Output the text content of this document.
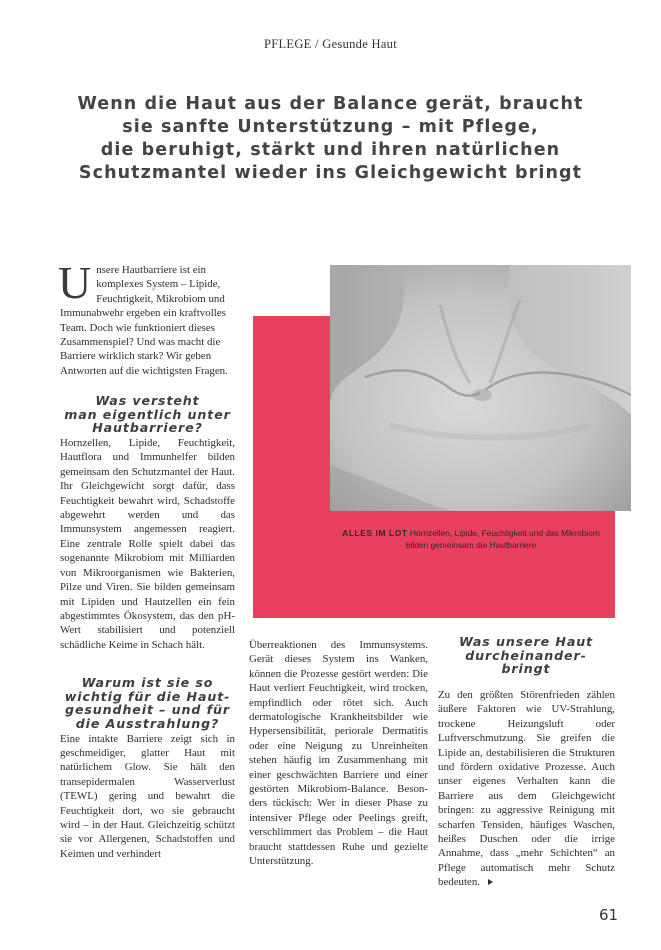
PFLEGE / Gesunde Haut
Wenn die Haut aus der Balance gerät, braucht
sie sanfte Unterstützung – mit Pflege,
die beruhigt, stärkt und ihren natürlichen
Schutzmantel wieder ins Gleichgewicht bringt
U nsere Hautbarriere ist ein komplexes System – Lipide, Feuchtigkeit, Mikrobiom und Immunabwehr ergeben ein kraftvolles Team. Doch wie funktioniert dieses Zusammenspiel? Und was macht die Barriere wirklich stark? Wir geben Antworten auf die wichtigsten Fragen.

Was versteht
man eigentlich unter
Hautbarriere?

Hornzellen, Lipide, Feuchtigkeit, Hautflora und Immunhelfer bilden gemeinsam den Schutzmantel der Haut. Ihr Gleichgewicht sorgt dafür, dass Feuchtigkeit bewahrt wird, Schadstoffe abgewehrt werden und das Immunsystem angemessen reagiert. Eine zentrale Rolle spielt dabei das sogenannte Mikrobiom mit Milliarden von Mikroorganismen wie Bakterien, Pilze und Viren. Sie bilden gemeinsam mit Lipiden und Hautzellen ein fein abgestimmtes Ökosystem, das den pH-Wert stabilisiert und potenziell schädliche Keime in Schach hält.

Warum ist sie so
wichtig für die Haut-
gesundheit – und für
die Ausstrahlung?

Eine intakte Barriere zeigt sich in geschmeidiger, glatter Haut mit natürlichem Glow. Sie hält den transepidermalen Wasserverlust (TEWL) gering und bewahrt die Feuchtigkeit dort, wo sie gebraucht wird – in der Haut. Gleichzeitig schützt sie vor Allergenen, Schadstoffen und Keimen und verhindert

ALLES IM LOT Hornzellen, Lipide, Feuchtigkeit und das Mikrobiom bilden gemeinsam die Hautbarriere

Überreaktionen des Immunsystems. Gerät dieses System ins Wanken, können die Prozesse gestört werden: Die Haut verliert Feuchtigkeit, wird trocken, empfindlich oder rötet sich. Auch dermatologische Krankheitsbilder wie Hypersensibilität, periorale Dermatitis oder eine Neigung zu Unreinheiten stehen häufig im Zusammenhang mit einer geschwächten Barriere und einer gestörten Mikrobiom-Balance. Besonders tückisch: Wer in dieser Phase zu intensiver Pflege oder Peelings greift, verschlimmert das Problem – die Haut braucht stattdessen Ruhe und gezielte Unterstützung.

Was unsere Haut
durcheinander-
bringt

Zu den größten Störenfrieden zählen äußere Faktoren wie UV-Strahlung, trockene Heizungsluft oder Luftverschmutzung. Sie greifen die Lipide an, destabilisieren die Strukturen und fördern oxidative Prozesse. Auch unser eigenes Verhalten kann die Barriere aus dem Gleichgewicht bringen: zu aggressive Reinigung mit scharfen Tensiden, häufiges Waschen, heißes Duschen oder die irrige Annahme, dass „mehr Schichten“ an Pflege automatisch mehr Schutz bedeuten.

61
